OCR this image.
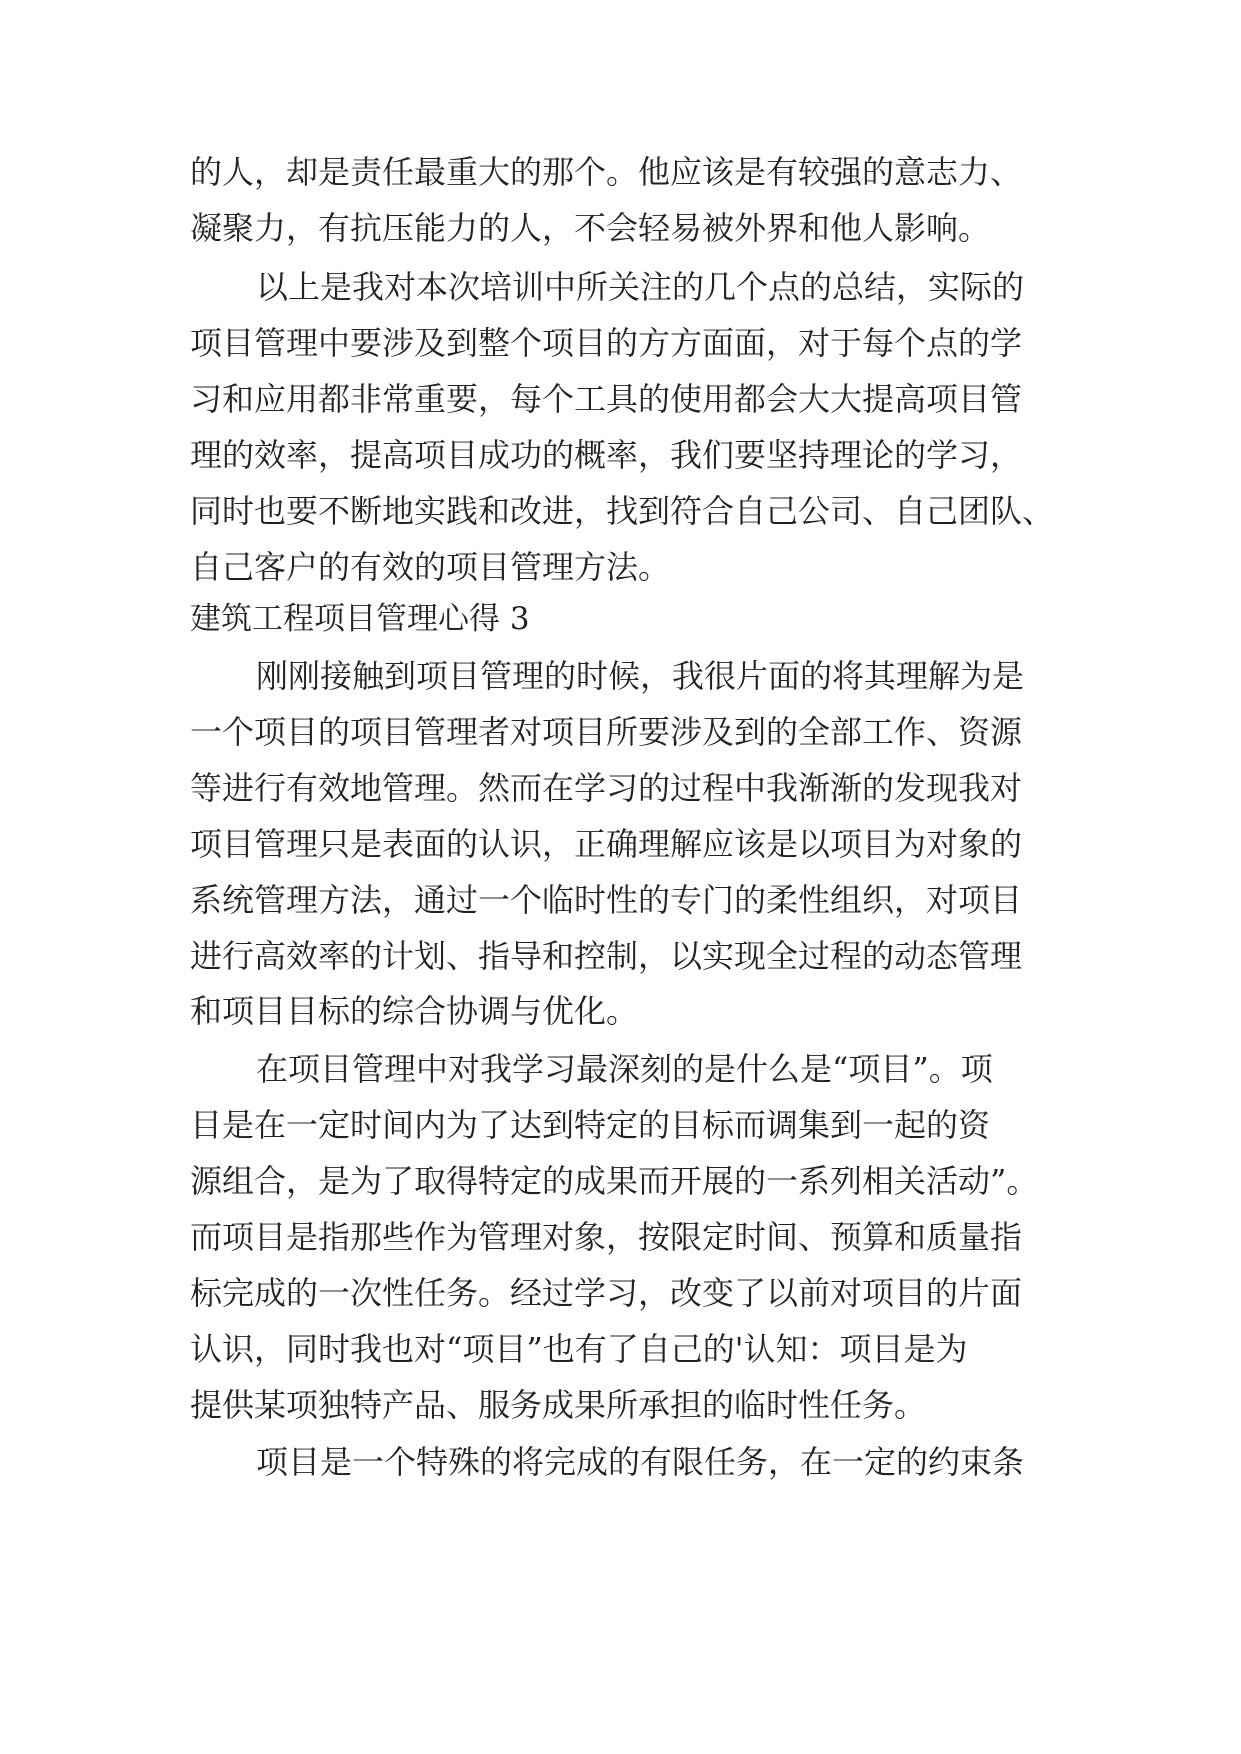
的人，却是责任最重大的那个。他应该是有较强的意志力、

凝聚力，有抗压能力的人，不会轻易被外界和他人影响。

以上是我对本次培训中所关注的几个点的总结，实际的

项目管理中要涉及到整个项目的方方面面，对于每个点的学

习和应用都非常重要，每个工具的使用都会大大提高项目管

理的效率，提高项目成功的概率，我们要坚持理论的学习，

同时也要不断地实践和改进，找到符合自己公司、自己团队、

自己客户的有效的项目管理方法。

建筑工程项目管理心得 3

刚刚接触到项目管理的时候，我很片面的将其理解为是

一个项目的项目管理者对项目所要涉及到的全部工作、资源

等进行有效地管理。然而在学习的过程中我渐渐的发现我对

项目管理只是表面的认识，正确理解应该是以项目为对象的

系统管理方法，通过一个临时性的专门的柔性组织，对项目

进行高效率的计划、指导和控制，以实现全过程的动态管理

和项目目标的综合协调与优化。

在项目管理中对我学习最深刻的是什么是“项目”。项

目是在一定时间内为了达到特定的目标而调集到一起的资

源组合，是为了取得特定的成果而开展的一系列相关活动”。

而项目是指那些作为管理对象，按限定时间、预算和质量指

标完成的一次性任务。经过学习，改变了以前对项目的片面

认识，同时我也对“项目”也有了自己的'认知：项目是为

提供某项独特产品、服务成果所承担的临时性任务。

项目是一个特殊的将完成的有限任务，在一定的约束条
